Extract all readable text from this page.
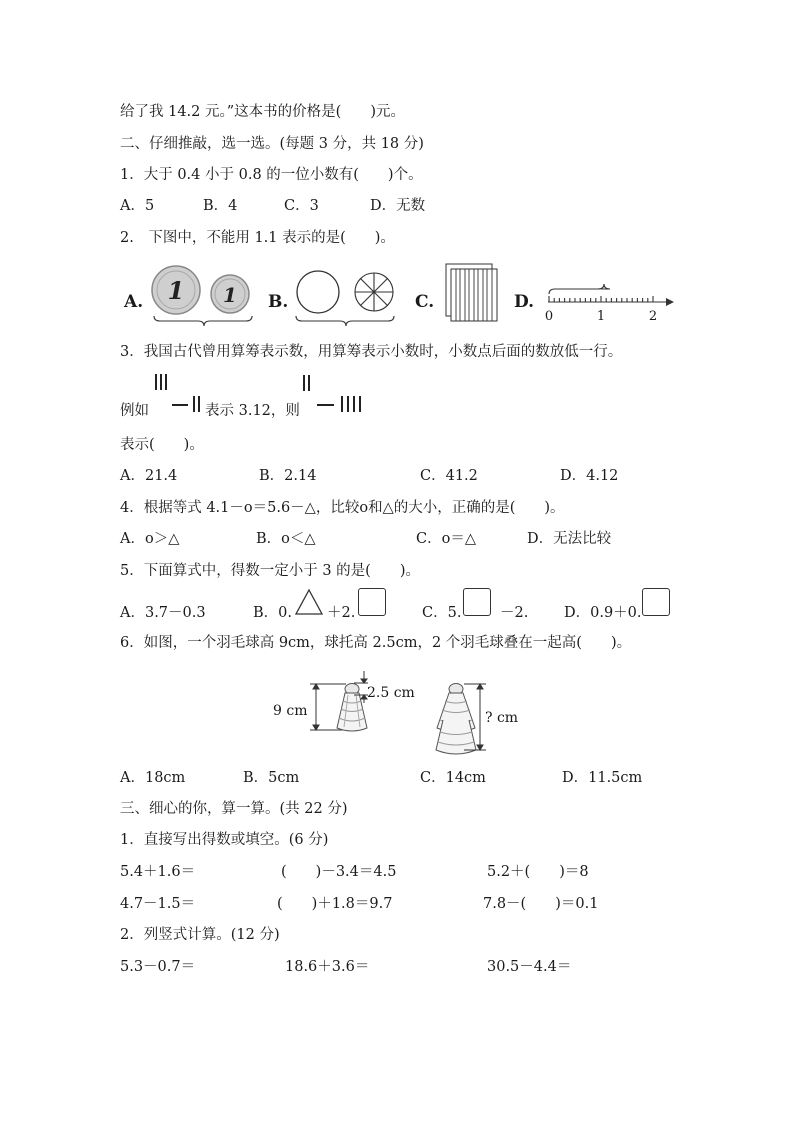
给了我 14.2 元。”这本书的价格是(　　)元。
二、仔细推敲，选一选。(每题 3 分，共 18 分)
1．大于 0.4 小于 0.8 的一位小数有(　　)个。
A．5	B．4	C．3	D．无数
2.　下图中，不能用 1.1 表示的是(　　)。
A. 1 1 B.	C.	D.
0	1	2
3．我国古代曾用算筹表示数，用算筹表示小数时，小数点后面的数放低一行。
例如	表示 3.12，则
表示(　　)。
A．21.4	B．2.14	C．41.2	D．4.12
4．根据等式 4.1－o＝5.6－△，比较o和△的大小，正确的是(　　)。
A．o＞△	B．o＜△	C．o＝△	D．无法比较
5．下面算式中，得数一定小于 3 的是(　　)。
A．3.7－0.3	B．0. ＋2.	C．5.	－2. D．0.9＋0.
6．如图，一个羽毛球高 9cm，球托高 2.5cm，2 个羽毛球叠在一起高(　　)。
9 cm
2.5 cm
? cm
A．18cm	B．5cm	C．14cm	D．11.5cm
三、细心的你，算一算。(共 22 分)
1．直接写出得数或填空。(6 分)
5.4＋1.6＝	(　　)－3.4＝4.5	5.2＋(　　)＝8
4.7－1.5＝	(　　)＋1.8＝9.7	7.8－(　　)＝0.1
2．列竖式计算。(12 分)
5.3－0.7＝	18.6＋3.6＝	30.5－4.4＝
